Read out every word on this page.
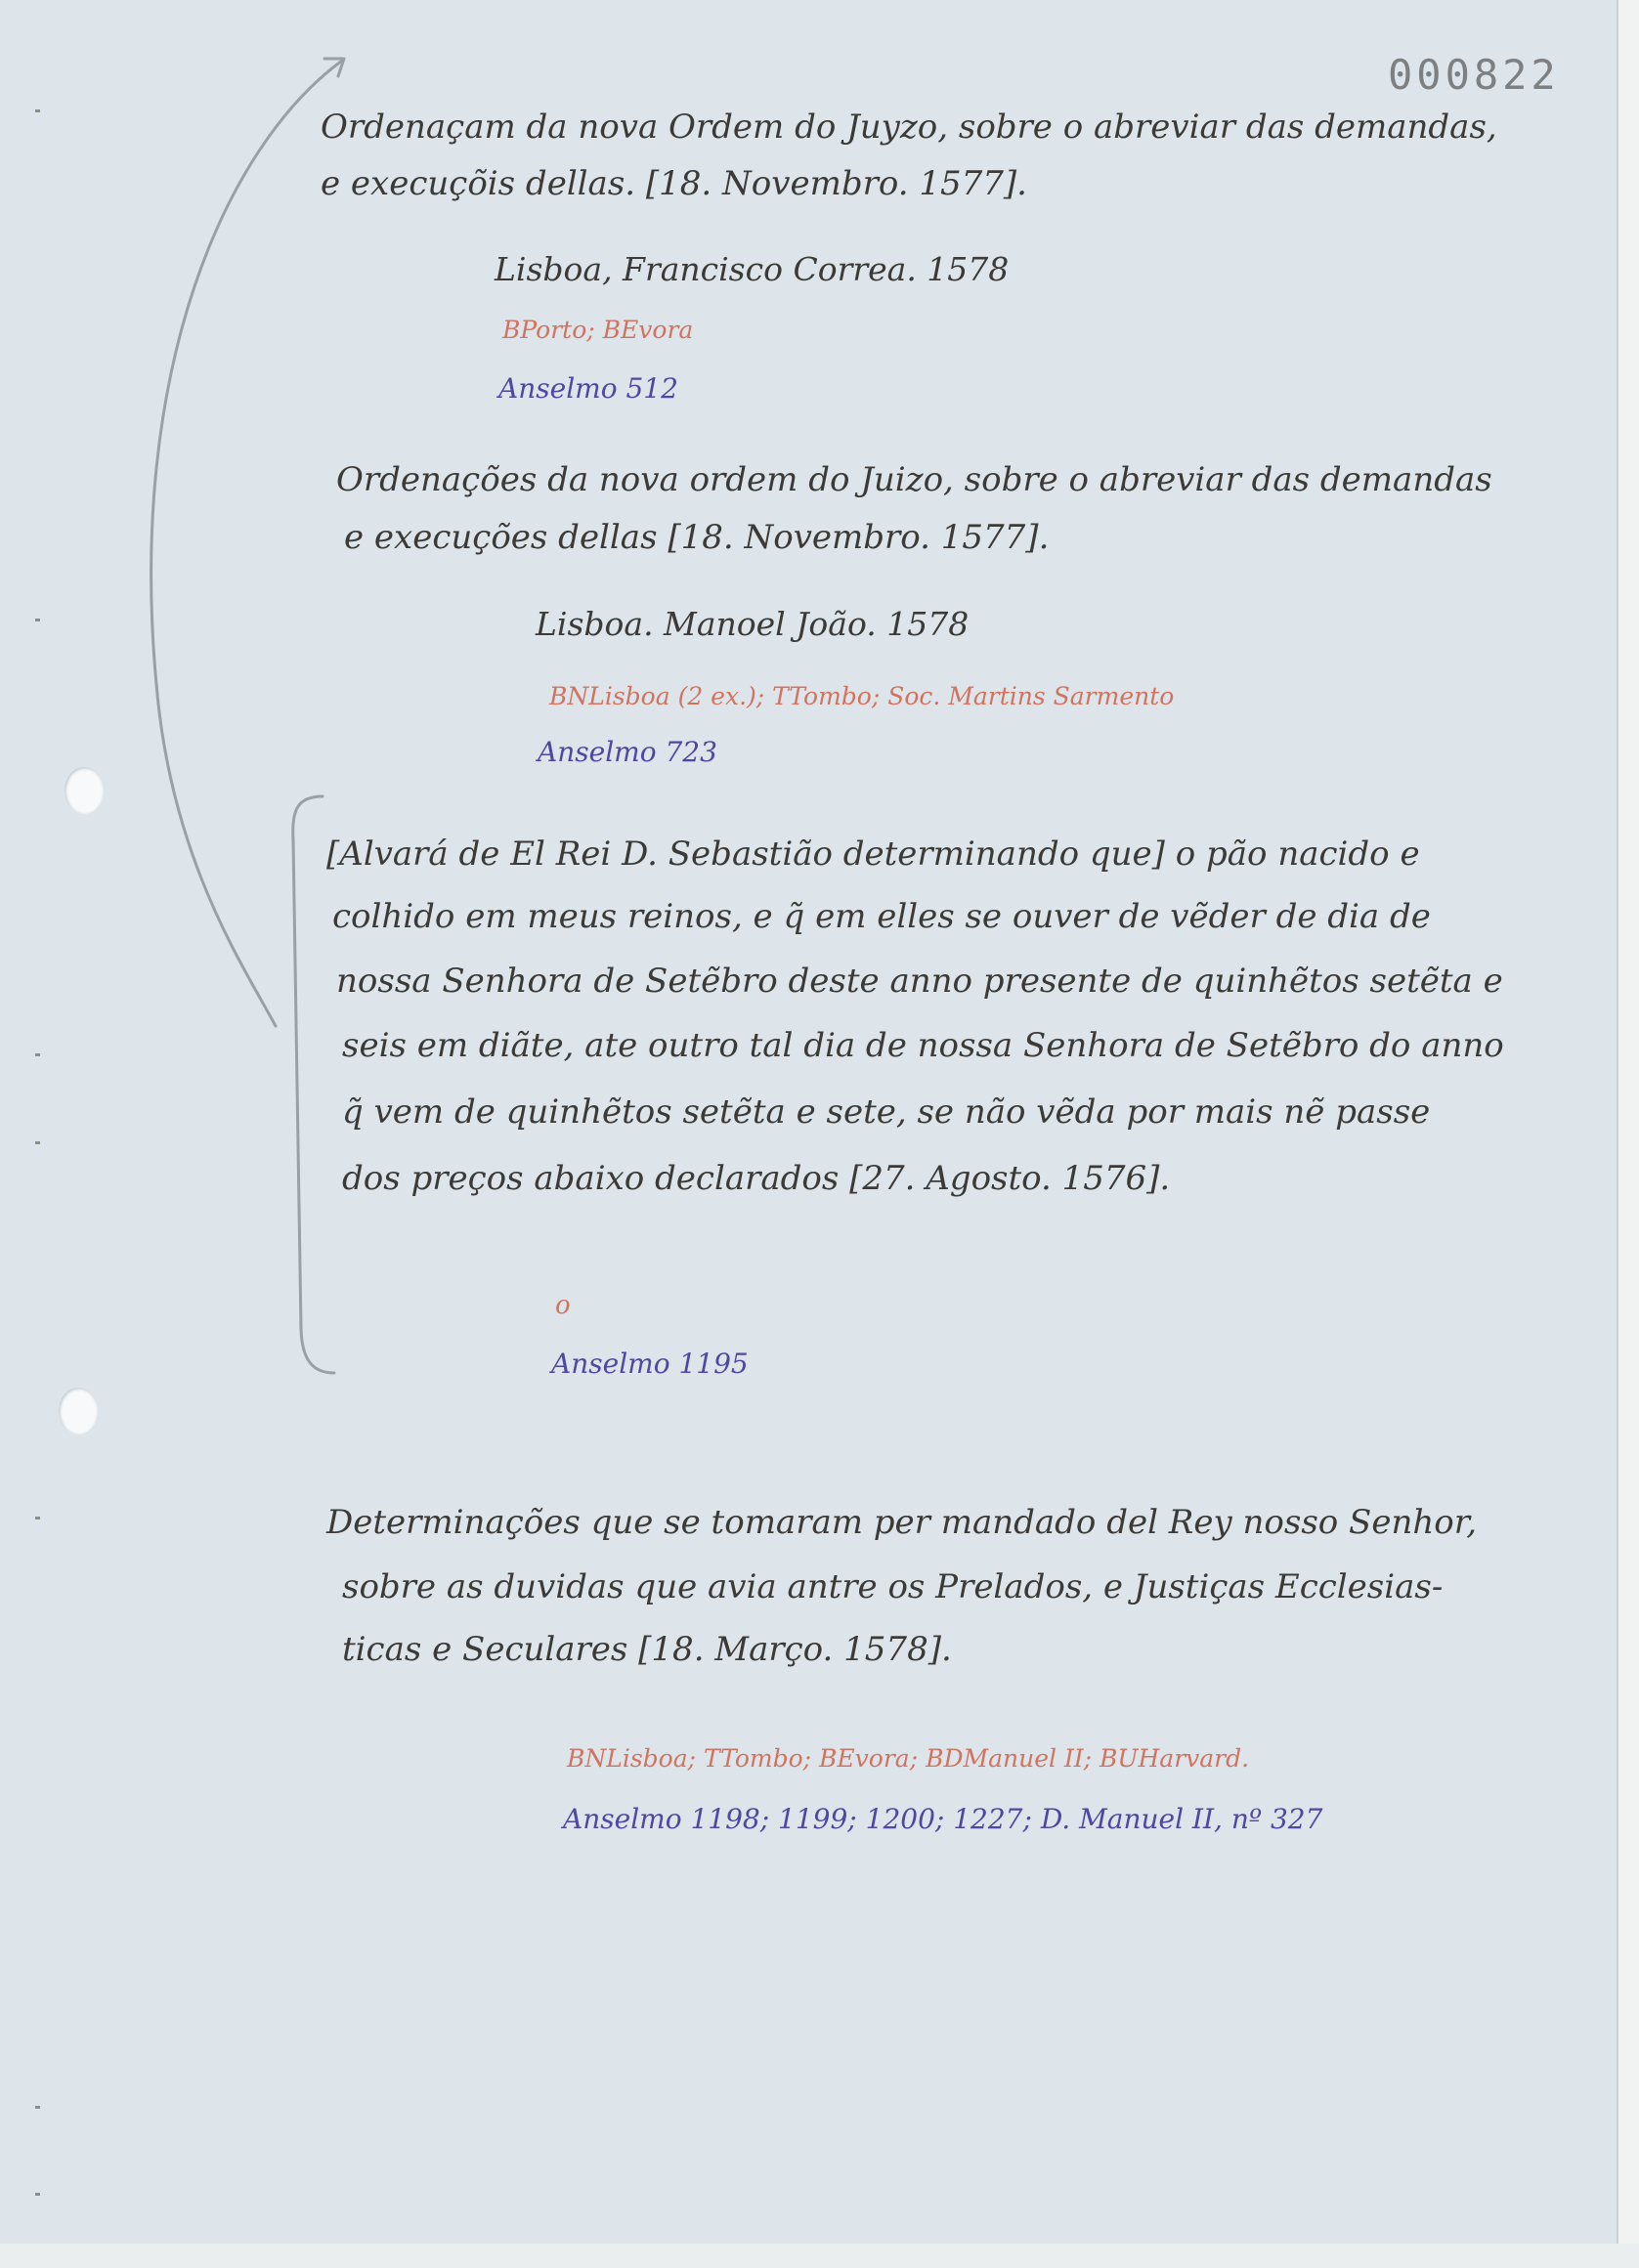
000822

Ordenaçam da nova Ordem do Juyzo, sobre o abreviar das demandas,

e execuçõis dellas. [18. Novembro. 1577].

Lisboa, Francisco Correa. 1578

BPorto; BEvora

Anselmo 512

Ordenações da nova ordem do Juizo, sobre o abreviar das demandas

e execuções dellas [18. Novembro. 1577].

Lisboa. Manoel João. 1578

BNLisboa (2 ex.); TTombo; Soc. Martins Sarmento

Anselmo 723

[Alvará de El Rei D. Sebastião determinando que] o pão nacido e

colhido em meus reinos, e q̃ em elles se ouver de vẽder de dia de

nossa Senhora de Setẽbro deste anno presente de quinhẽtos setẽta e

seis em diãte, ate outro tal dia de nossa Senhora de Setẽbro do anno

q̃ vem de quinhẽtos setẽta e sete, se não vẽda por mais nẽ passe

dos preços abaixo declarados [27. Agosto. 1576].

o

Anselmo 1195

Determinações que se tomaram per mandado del Rey nosso Senhor,

sobre as duvidas que avia antre os Prelados, e Justiças Ecclesias-

ticas e Seculares [18. Março. 1578].

BNLisboa; TTombo; BEvora; BDManuel II; BUHarvard.

Anselmo 1198; 1199; 1200; 1227; D. Manuel II, nº 327
